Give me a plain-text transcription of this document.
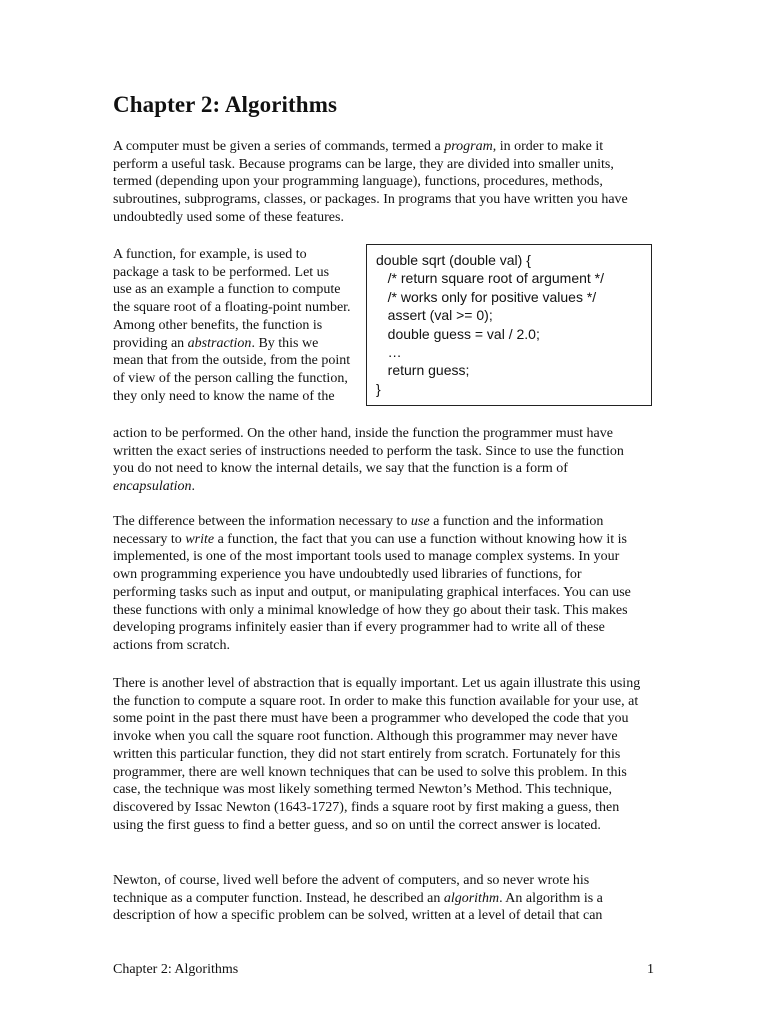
Chapter 2: Algorithms

A computer must be given a series of commands, termed a program, in order to make it perform a useful task. Because programs can be large, they are divided into smaller units, termed (depending upon your programming language), functions, procedures, methods, subroutines, subprograms, classes, or packages. In programs that you have written you have undoubtedly used some of these features.

A function, for example, is used to package a task to be performed. Let us use as an example a function to compute the square root of a floating-point number. Among other benefits, the function is providing an abstraction. By this we mean that from the outside, from the point of view of the person calling the function, they only need to know the name of the

double sqrt (double val) {
/* return square root of argument */
/* works only for positive values */
assert (val >= 0);
double guess = val / 2.0;
…
return guess;
}

action to be performed. On the other hand, inside the function the programmer must have written the exact series of instructions needed to perform the task. Since to use the function you do not need to know the internal details, we say that the function is a form of encapsulation.

The difference between the information necessary to use a function and the information necessary to write a function, the fact that you can use a function without knowing how it is implemented, is one of the most important tools used to manage complex systems. In your own programming experience you have undoubtedly used libraries of functions, for performing tasks such as input and output, or manipulating graphical interfaces. You can use these functions with only a minimal knowledge of how they go about their task. This makes developing programs infinitely easier than if every programmer had to write all of these actions from scratch.

There is another level of abstraction that is equally important. Let us again illustrate this using the function to compute a square root. In order to make this function available for your use, at some point in the past there must have been a programmer who developed the code that you invoke when you call the square root function. Although this programmer may never have written this particular function, they did not start entirely from scratch. Fortunately for this programmer, there are well known techniques that can be used to solve this problem. In this case, the technique was most likely something termed Newton’s Method. This technique, discovered by Issac Newton (1643-1727), finds a square root by first making a guess, then using the first guess to find a better guess, and so on until the correct answer is located.

Newton, of course, lived well before the advent of computers, and so never wrote his technique as a computer function. Instead, he described an algorithm. An algorithm is a description of how a specific problem can be solved, written at a level of detail that can

Chapter 2: Algorithms	1
